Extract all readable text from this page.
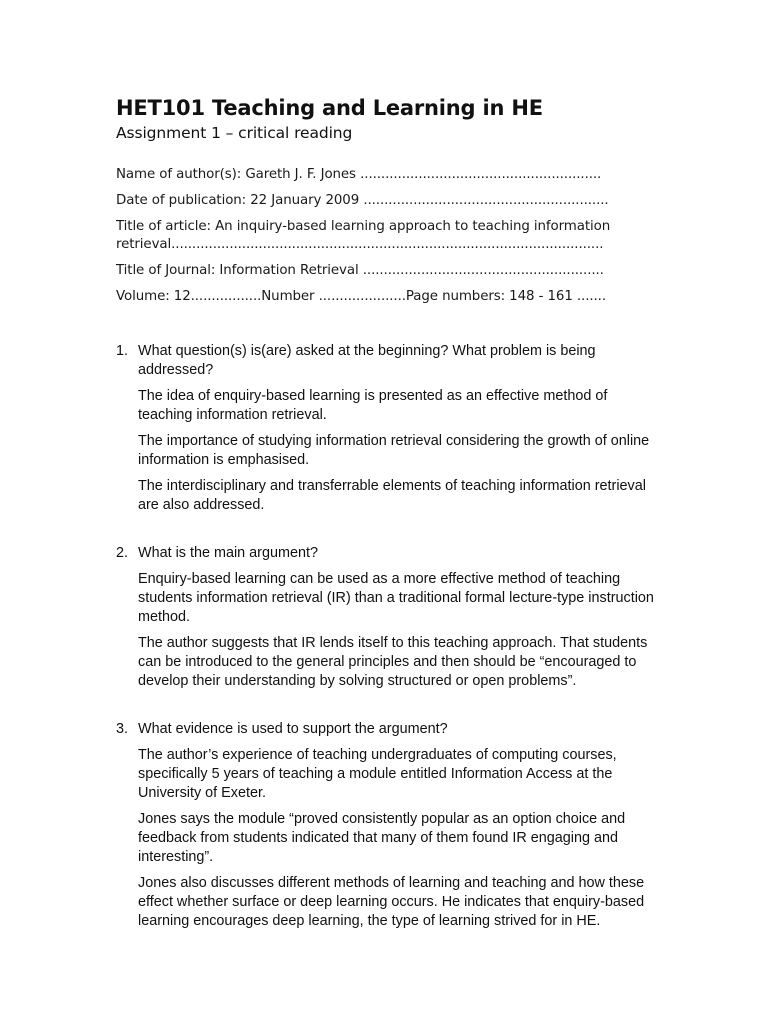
HET101 Teaching and Learning in HE
Assignment 1 – critical reading
Name of author(s): Gareth J. F. Jones ..........................................................
Date of publication: 22 January 2009 ...........................................................
Title of article: An inquiry-based learning approach to teaching information
retrieval........................................................................................................
Title of Journal: Information Retrieval ..........................................................
Volume: 12.................Number .....................Page numbers: 148 - 161 .......
1. What question(s) is(are) asked at the beginning? What problem is being addressed?

The idea of enquiry-based learning is presented as an effective method of teaching information retrieval.

The importance of studying information retrieval considering the growth of online information is emphasised.

The interdisciplinary and transferrable elements of teaching information retrieval are also addressed.

2. What is the main argument?

Enquiry-based learning can be used as a more effective method of teaching students information retrieval (IR) than a traditional formal lecture-type instruction method.

The author suggests that IR lends itself to this teaching approach. That students can be introduced to the general principles and then should be “encouraged to develop their understanding by solving structured or open problems”.

3. What evidence is used to support the argument?

The author’s experience of teaching undergraduates of computing courses, specifically 5 years of teaching a module entitled Information Access at the University of Exeter.

Jones says the module “proved consistently popular as an option choice and feedback from students indicated that many of them found IR engaging and interesting”.

Jones also discusses different methods of learning and teaching and how these effect whether surface or deep learning occurs. He indicates that enquiry-based learning encourages deep learning, the type of learning strived for in HE.
